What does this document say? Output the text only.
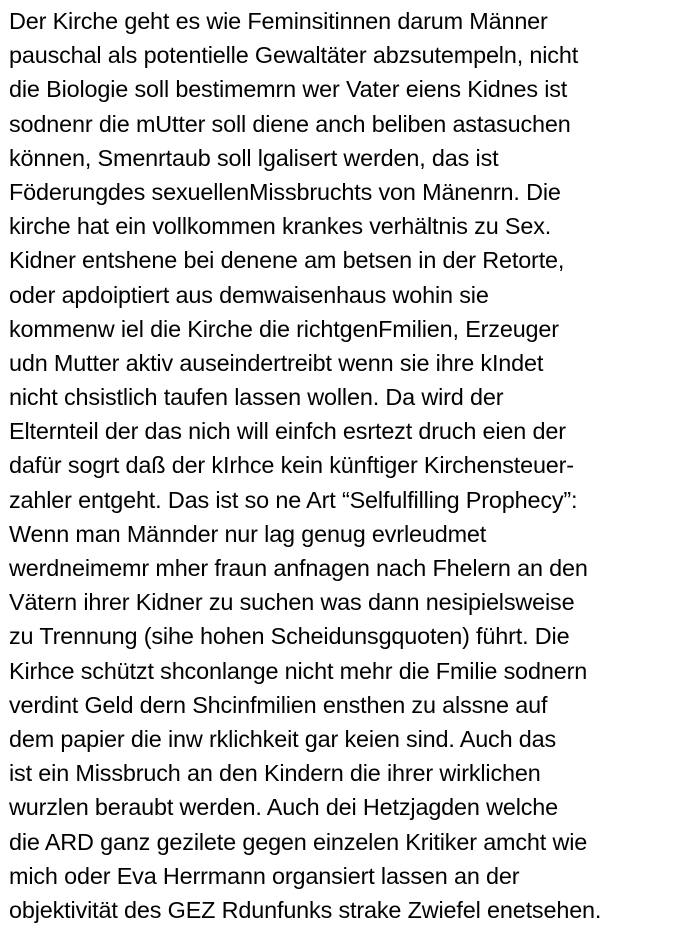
Der Kirche geht es wie Feminsitinnen darum Männer
pauschal als potentielle Gewaltäter abzsutempeln, nicht
die Biologie soll bestimemrn wer Vater eiens Kidnes ist
sodnenr die mUtter soll diene anch beliben astasuchen
können, Smenrtaub soll lgalisert werden, das ist
Föderungdes sexuellenMissbruchts von Mänenrn. Die
kirche hat ein vollkommen krankes verhältnis zu Sex.
Kidner entshene bei denene am betsen in der Retorte,
oder apdoiptiert aus demwaisenhaus wohin sie
kommenw iel die Kirche die richtgenFmilien, Erzeuger
udn Mutter aktiv auseindertreibt wenn sie ihre kIndet
nicht chsistlich taufen lassen wollen. Da wird der
Elternteil der das nich will einfch esrtezt druch eien der
dafür sogrt daß der kIrhce kein künftiger Kirchensteuer-
zahler entgeht. Das ist so ne Art “Selfulfilling Prophecy”:
Wenn man Männder nur lag genug evrleudmet
werdneimemr mher fraun anfnagen nach Fhelern an den
Vätern ihrer Kidner zu suchen was dann nesipielsweise
zu Trennung (sihe hohen Scheidunsgquoten) führt. Die
Kirhce schützt shconlange nicht mehr die Fmilie sodnern
verdint Geld dern Shcinfmilien ensthen zu alssne auf
dem papier die inw rklichkeit gar keien sind. Auch das
ist ein Missbruch an den Kindern die ihrer wirklichen
wurzlen beraubt werden. Auch dei Hetzjagden welche
die ARD ganz gezilete gegen einzelen Kritiker amcht wie
mich oder Eva Herrmann organsiert lassen an der
objektivität des GEZ Rdunfunks strake Zwiefel enetsehen.
